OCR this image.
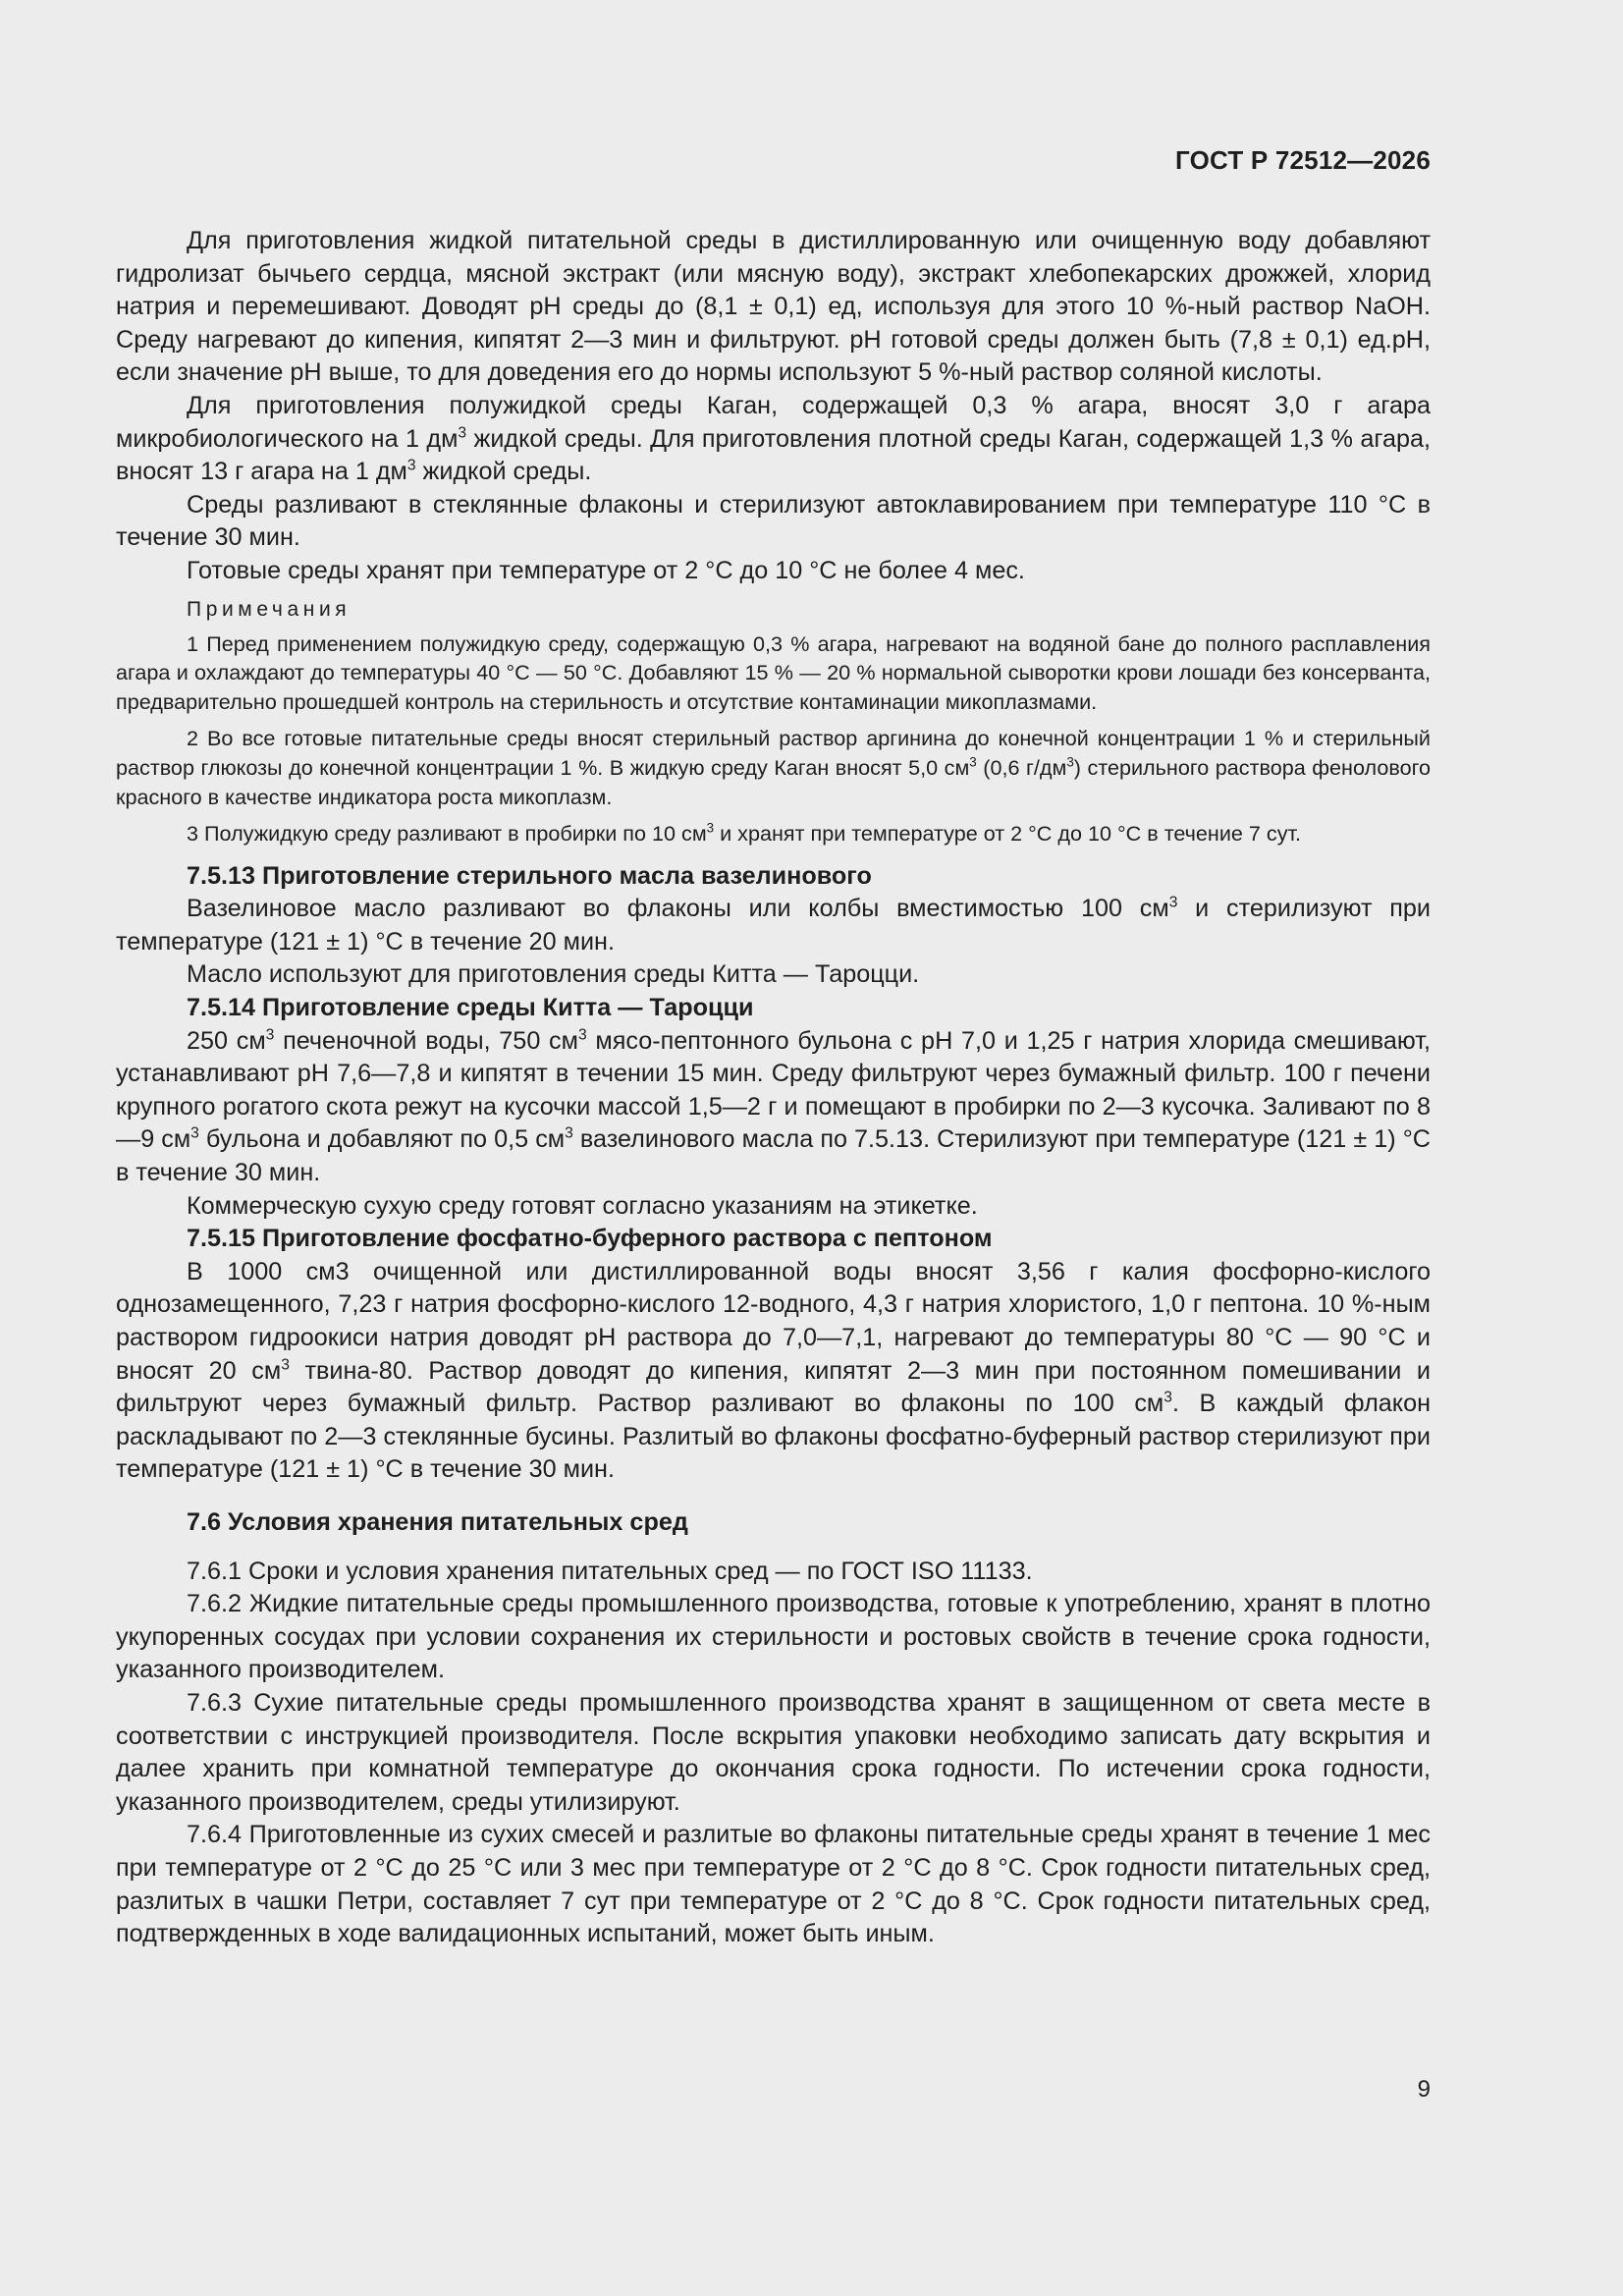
ГОСТ Р 72512—2026

Для приготовления жидкой питательной среды в дистиллированную или очищенную воду добавляют гидролизат бычьего сердца, мясной экстракт (или мясную воду), экстракт хлебопекарских дрожжей, хлорид натрия и перемешивают. Доводят рН среды до (8,1 ± 0,1) ед, используя для этого 10 %-ный раствор NaOH. Среду нагревают до кипения, кипятят 2—3 мин и фильтруют. рН готовой среды должен быть (7,8 ± 0,1) ед.рН, если значение рН выше, то для доведения его до нормы используют 5 %-ный раствор соляной кислоты.

Для приготовления полужидкой среды Каган, содержащей 0,3 % агара, вносят 3,0 г агара микробиологического на 1 $дм^3$ жидкой среды. Для приготовления плотной среды Каган, содержащей 1,3 % агара, вносят 13 г агара на 1 $дм^3$ жидкой среды.

Среды разливают в стеклянные флаконы и стерилизуют автоклавированием при температуре 110 °С в течение 30 мин.

Готовые среды хранят при температуре от 2 °С до 10 °С не более 4 мес.

Примечания

1 Перед применением полужидкую среду, содержащую 0,3 % агара, нагревают на водяной бане до полного расплавления агара и охлаждают до температуры 40 °С — 50 °С. Добавляют 15 % — 20 % нормальной сыворотки крови лошади без консерванта, предварительно прошедшей контроль на стерильность и отсутствие контаминации микоплазмами.

2 Во все готовые питательные среды вносят стерильный раствор аргинина до конечной концентрации 1 % и стерильный раствор глюкозы до конечной концентрации 1 %. В жидкую среду Каган вносят 5,0 $см^3$ (0,6 $г/дм^3$) стерильного раствора фенолового красного в качестве индикатора роста микоплазм.

3 Полужидкую среду разливают в пробирки по 10 $см^3$ и хранят при температуре от 2 °С до 10 °С в течение 7 сут.

7.5.13 Приготовление стерильного масла вазелинового

Вазелиновое масло разливают во флаконы или колбы вместимостью 100 $см^3$ и стерилизуют при температуре (121 ± 1) °С в течение 20 мин.

Масло используют для приготовления среды Китта — Тароцци.

7.5.14 Приготовление среды Китта — Тароцци

250 $см^3$ печеночной воды, 750 $см^3$ мясо-пептонного бульона с рН 7,0 и 1,25 г натрия хлорида смешивают, устанавливают рН 7,6—7,8 и кипятят в течении 15 мин. Среду фильтруют через бумажный фильтр. 100 г печени крупного рогатого скота режут на кусочки массой 1,5—2 г и помещают в пробирки по 2—3 кусочка. Заливают по 8—9 $см^3$ бульона и добавляют по 0,5 $см^3$ вазелинового масла по 7.5.13. Стерилизуют при температуре (121 ± 1) °С в течение 30 мин.

Коммерческую сухую среду готовят согласно указаниям на этикетке.

7.5.15 Приготовление фосфатно-буферного раствора с пептоном

В 1000 см3 очищенной или дистиллированной воды вносят 3,56 г калия фосфорно-кислого однозамещенного, 7,23 г натрия фосфорно-кислого 12-водного, 4,3 г натрия хлористого, 1,0 г пептона. 10 %-ным раствором гидроокиси натрия доводят рН раствора до 7,0—7,1, нагревают до температуры 80 °С — 90 °С и вносят 20 $см^3$ твина-80. Раствор доводят до кипения, кипятят 2—3 мин при постоянном помешивании и фильтруют через бумажный фильтр. Раствор разливают во флаконы по 100 $см^3$. В каждый флакон раскладывают по 2—3 стеклянные бусины. Разлитый во флаконы фосфатно-буферный раствор стерилизуют при температуре (121 ± 1) °С в течение 30 мин.

7.6 Условия хранения питательных сред

7.6.1 Сроки и условия хранения питательных сред — по ГОСТ ISO 11133.

7.6.2 Жидкие питательные среды промышленного производства, готовые к употреблению, хранят в плотно укупоренных сосудах при условии сохранения их стерильности и ростовых свойств в течение срока годности, указанного производителем.

7.6.3 Сухие питательные среды промышленного производства хранят в защищенном от света месте в соответствии с инструкцией производителя. После вскрытия упаковки необходимо записать дату вскрытия и далее хранить при комнатной температуре до окончания срока годности. По истечении срока годности, указанного производителем, среды утилизируют.

7.6.4 Приготовленные из сухих смесей и разлитые во флаконы питательные среды хранят в течение 1 мес при температуре от 2 °С до 25 °С или 3 мес при температуре от 2 °С до 8 °С. Срок годности питательных сред, разлитых в чашки Петри, составляет 7 сут при температуре от 2 °С до 8 °С. Срок годности питательных сред, подтвержденных в ходе валидационных испытаний, может быть иным.

9
